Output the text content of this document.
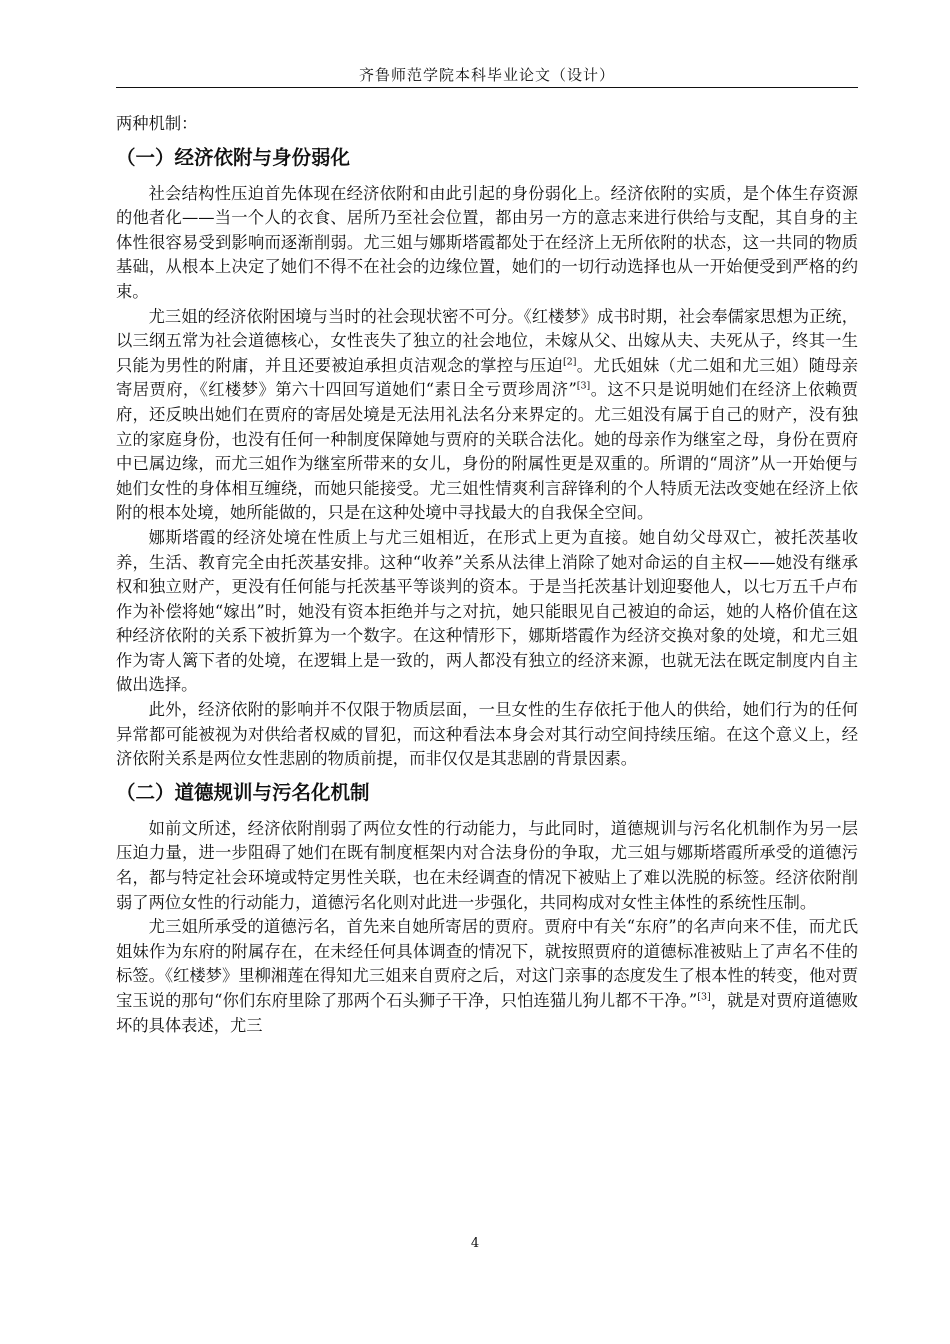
齐鲁师范学院本科毕业论文（设计）

两种机制：

（一）经济依附与身份弱化

社会结构性压迫首先体现在经济依附和由此引起的身份弱化上。经济依附的实质，是个体生存资源的他者化——当一个人的衣食、居所乃至社会位置，都由另一方的意志来进行供给与支配，其自身的主体性很容易受到影响而逐渐削弱。尤三姐与娜斯塔霞都处于在经济上无所依附的状态，这一共同的物质基础，从根本上决定了她们不得不在社会的边缘位置，她们的一切行动选择也从一开始便受到严格的约束。

尤三姐的经济依附困境与当时的社会现状密不可分。《红楼梦》成书时期，社会奉儒家思想为正统，以三纲五常为社会道德核心，女性丧失了独立的社会地位，未嫁从父、出嫁从夫、夫死从子，终其一生只能为男性的附庸，并且还要被迫承担贞洁观念的掌控与压迫[2]。尤氏姐妹（尤二姐和尤三姐）随母亲寄居贾府，《红楼梦》第六十四回写道她们“素日全亏贾珍周济”[3]。这不只是说明她们在经济上依赖贾府，还反映出她们在贾府的寄居处境是无法用礼法名分来界定的。尤三姐没有属于自己的财产，没有独立的家庭身份，也没有任何一种制度保障她与贾府的关联合法化。她的母亲作为继室之母，身份在贾府中已属边缘，而尤三姐作为继室所带来的女儿，身份的附属性更是双重的。所谓的“周济”从一开始便与她们女性的身体相互缠绕，而她只能接受。尤三姐性情爽利言辞锋利的个人特质无法改变她在经济上依附的根本处境，她所能做的，只是在这种处境中寻找最大的自我保全空间。

娜斯塔霞的经济处境在性质上与尤三姐相近，在形式上更为直接。她自幼父母双亡，被托茨基收养，生活、教育完全由托茨基安排。这种“收养”关系从法律上消除了她对命运的自主权——她没有继承权和独立财产，更没有任何能与托茨基平等谈判的资本。于是当托茨基计划迎娶他人，以七万五千卢布作为补偿将她“嫁出”时，她没有资本拒绝并与之对抗，她只能眼见自己被迫的命运，她的人格价值在这种经济依附的关系下被折算为一个数字。在这种情形下，娜斯塔霞作为经济交换对象的处境，和尤三姐作为寄人篱下者的处境，在逻辑上是一致的，两人都没有独立的经济来源，也就无法在既定制度内自主做出选择。

此外，经济依附的影响并不仅限于物质层面，一旦女性的生存依托于他人的供给，她们行为的任何异常都可能被视为对供给者权威的冒犯，而这种看法本身会对其行动空间持续压缩。在这个意义上，经济依附关系是两位女性悲剧的物质前提，而非仅仅是其悲剧的背景因素。

（二）道德规训与污名化机制

如前文所述，经济依附削弱了两位女性的行动能力，与此同时，道德规训与污名化机制作为另一层压迫力量，进一步阻碍了她们在既有制度框架内对合法身份的争取，尤三姐与娜斯塔霞所承受的道德污名，都与特定社会环境或特定男性关联，也在未经调查的情况下被贴上了难以洗脱的标签。经济依附削弱了两位女性的行动能力，道德污名化则对此进一步强化，共同构成对女性主体性的系统性压制。

尤三姐所承受的道德污名，首先来自她所寄居的贾府。贾府中有关“东府”的名声向来不佳，而尤氏姐妹作为东府的附属存在，在未经任何具体调查的情况下，就按照贾府的道德标准被贴上了声名不佳的标签。《红楼梦》里柳湘莲在得知尤三姐来自贾府之后，对这门亲事的态度发生了根本性的转变，他对贾宝玉说的那句“你们东府里除了那两个石头狮子干净，只怕连猫儿狗儿都不干净。”[3]，就是对贾府道德败坏的具体表述，尤三

4
